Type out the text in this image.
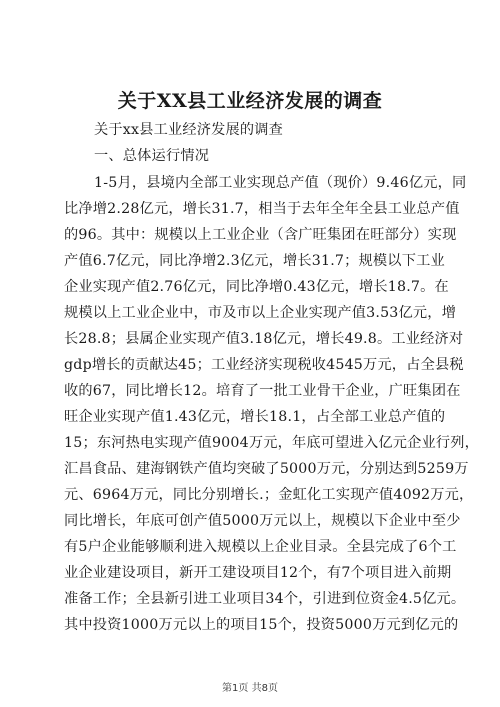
关于XX县工业经济发展的调查
关于xx县工业经济发展的调查
一、总体运行情况
1-5月，县境内全部工业实现总产值（现价）9.46亿元，同
比净增2.28亿元，增长31.7，相当于去年全年全县工业总产值
的96。其中：规模以上工业企业（含广旺集团在旺部分）实现
产值6.7亿元，同比净增2.3亿元，增长31.7；规模以下工业
企业实现产值2.76亿元，同比净增0.43亿元，增长18.7。在
规模以上工业企业中，市及市以上企业实现产值3.53亿元，增
长28.8；县属企业实现产值3.18亿元，增长49.8。工业经济对
gdp增长的贡献达45；工业经济实现税收4545万元，占全县税
收的67，同比增长12。培育了一批工业骨干企业，广旺集团在
旺企业实现产值1.43亿元，增长18.1，占全部工业总产值的
15；东河热电实现产值9004万元，年底可望进入亿元企业行列，
汇昌食品、建海钢铁产值均突破了5000万元，分别达到5259万
元、6964万元，同比分别增长.；金虹化工实现产值4092万元，
同比增长，年底可创产值5000万元以上，规模以下企业中至少
有5户企业能够顺利进入规模以上企业目录。全县完成了6个工
业企业建设项目，新开工建设项目12个，有7个项目进入前期
准备工作；全县新引进工业项目34个，引进到位资金4.5亿元。
其中投资1000万元以上的项目15个，投资5000万元到亿元的
第1页 共8页
